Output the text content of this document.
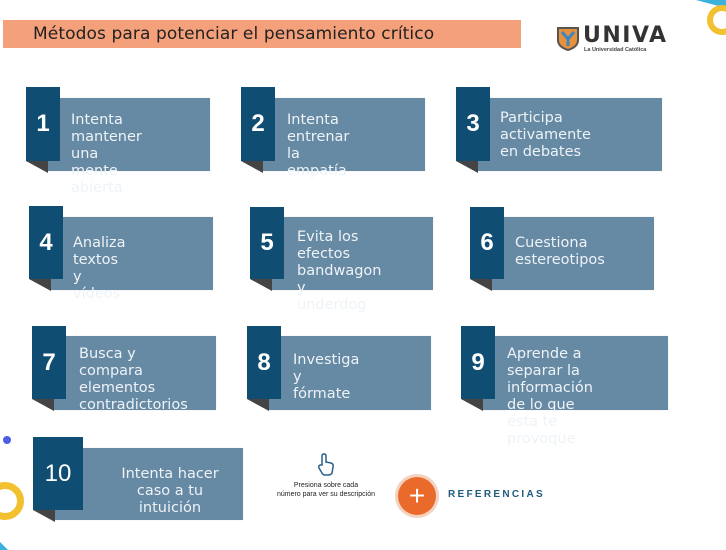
Métodos para potenciar el pensamiento crítico	UNIVA
La Universidad Católica
1 Intenta mantener
una mente abierta
2 Intenta entrenar
la empatía
3 Participa activamente
en debates
4 Analiza textos
y vídeos
5 Evita los efectos
bandwagon y
underdog
6 Cuestiona
estereotipos
7 Busca y compara
elementos
contradictorios
8 Investiga y
fórmate
9 Aprende a separar la
información de lo que
esta te provoque
10	Intenta hacer
caso a tu intuición
Presiona sobre cada
número para ver su descripción + REFERENCIAS
